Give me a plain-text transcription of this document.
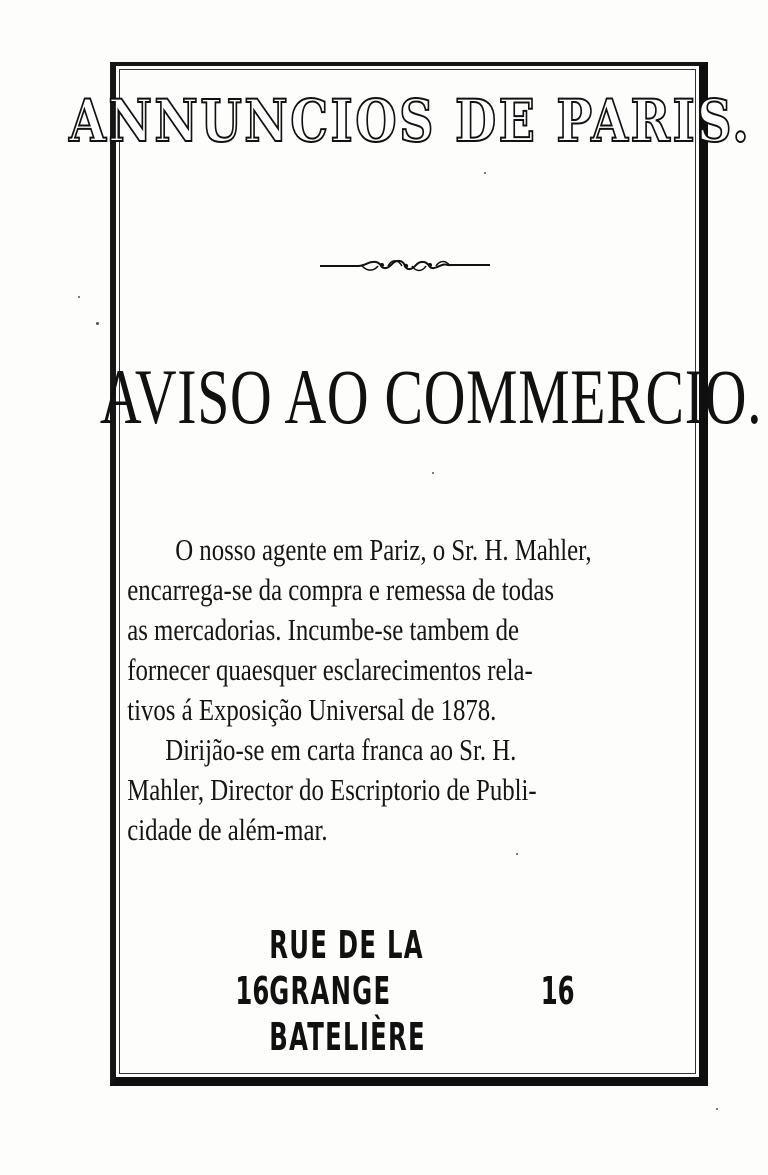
ANNUNCIOS DE PARIS.
AVISO AO COMMERCIO.

O nosso agente em Pariz, o Sr. H. Mahler,
encarrega-se da compra e remessa de todas
as mercadorias. Incumbe-se tambem de
fornecer quaesquer esclarecimentos rela-
tivos á Exposição Universal de 1878.

Dirijão-se em carta franca ao Sr. H.
Mahler, Director do Escriptorio de Publi-
cidade de além-mar.

16
RUE DE LA GRANGE BATELIÈRE
16
